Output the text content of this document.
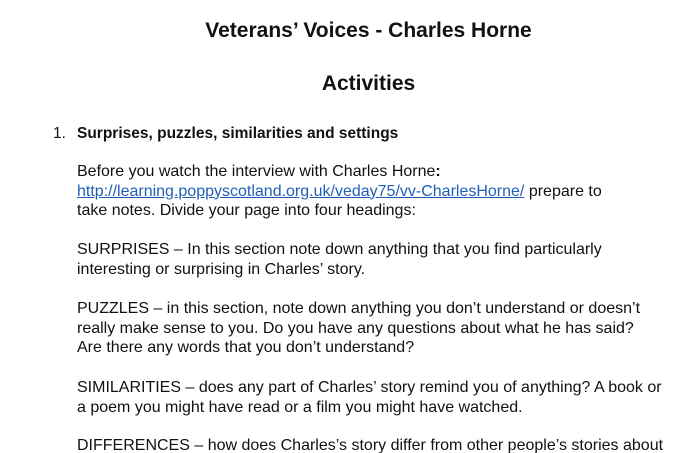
Veterans’ Voices - Charles Horne
Activities
1. Surprises, puzzles, similarities and settings
Before you watch the interview with Charles Horne:
http://learning.poppyscotland.org.uk/veday75/vv-CharlesHorne/ prepare to
take notes. Divide your page into four headings:
SURPRISES – In this section note down anything that you find particularly
interesting or surprising in Charles’ story.
PUZZLES – in this section, note down anything you don’t understand or doesn’t
really make sense to you. Do you have any questions about what he has said?
Are there any words that you don’t understand?
SIMILARITIES – does any part of Charles’ story remind you of anything? A book or
a poem you might have read or a film you might have watched.
DIFFERENCES – how does Charles’s story differ from other people’s stories about
